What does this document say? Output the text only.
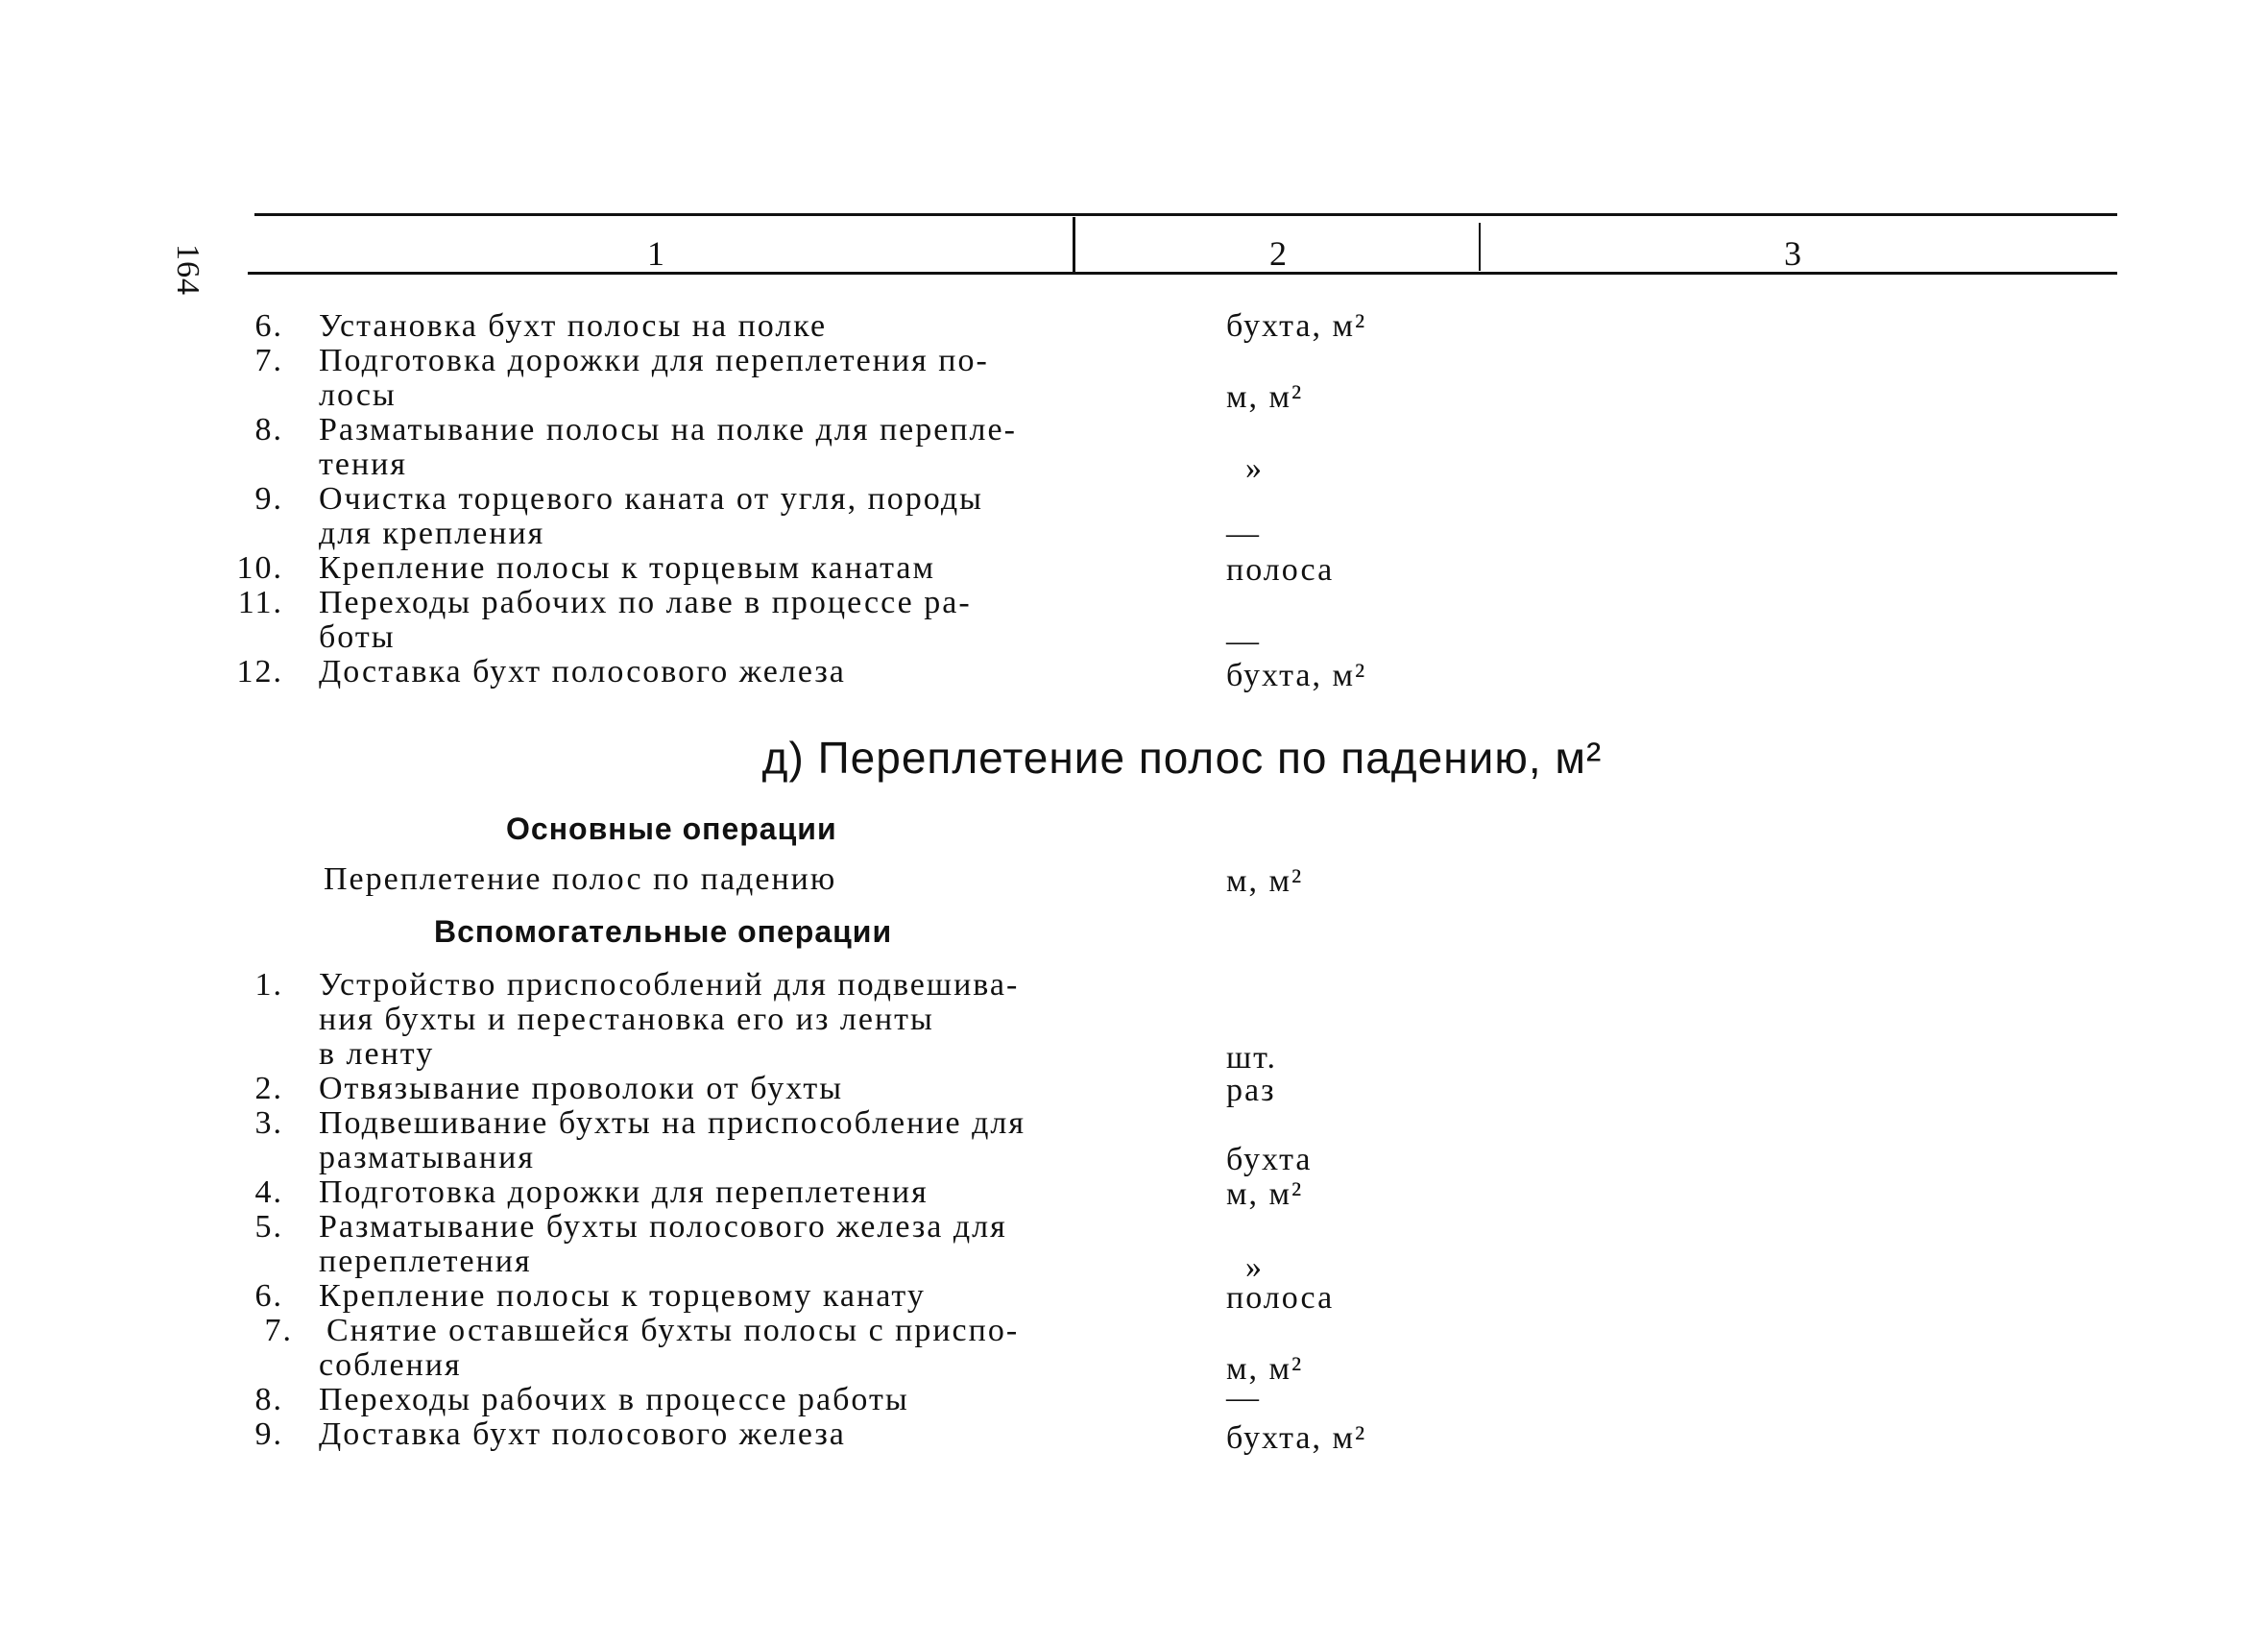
164	1	2	3
6. Установка бухт полосы на полке	бухта, м²
7. Подготовка дорожки для переплетения по-
лосы	м, м²
8. Разматывание полосы на полке для перепле-
тения	»
9. Очистка торцевого каната от угля, породы
для крепления	—
10. Крепление полосы к торцевым канатам	полоса
11. Переходы рабочих по лаве в процессе ра-
боты	—
12. Доставка бухт полосового железа	бухта, м²
д) Переплетение полос по падению, м²
Основные операции
Переплетение полос по падению	м, м²
Вспомогательные операции
1. Устройство приспособлений для подвешива-
ния бухты и перестановка его из ленты
в ленту	шт.
2. Отвязывание проволоки от бухты	раз
3. Подвешивание бухты на приспособление для
разматывания	бухта
4. Подготовка дорожки для переплетения	м, м²
5. Разматывание бухты полосового железа для
переплетения	»
6. Крепление полосы к торцевому канату	полоса
7. Снятие оставшейся бухты полосы с приспо-
собления	м, м²
8. Переходы рабочих в процессе работы	—
9. Доставка бухт полосового железа	бухта, м²
